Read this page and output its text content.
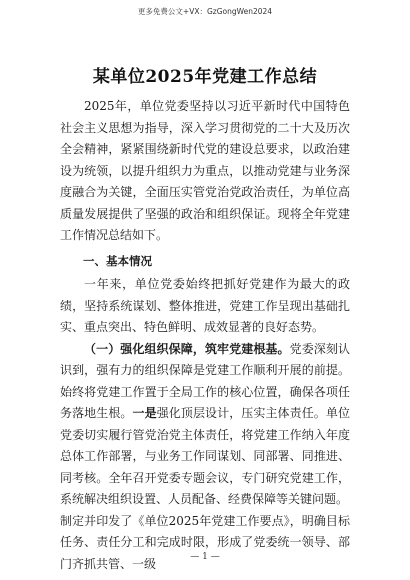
更多免费公文+VX：GzGongWen2024
某单位2025年党建工作总结

2025年，单位党委坚持以习近平新时代中国特色社会主义思想为指导，深入学习贯彻党的二十大及历次全会精神，紧紧围绕新时代党的建设总要求，以政治建设为统领，以提升组织力为重点，以推动党建与业务深度融合为关键，全面压实管党治党政治责任，为单位高质量发展提供了坚强的政治和组织保证。现将全年党建工作情况总结如下。

一、基本情况

一年来，单位党委始终把抓好党建作为最大的政绩，坚持系统谋划、整体推进，党建工作呈现出基础扎实、重点突出、特色鲜明、成效显著的良好态势。

（一）强化组织保障，筑牢党建根基。党委深刻认识到，强有力的组织保障是党建工作顺利开展的前提。始终将党建工作置于全局工作的核心位置，确保各项任务落地生根。一是强化顶层设计，压实主体责任。单位党委切实履行管党治党主体责任，将党建工作纳入年度总体工作部署，与业务工作同谋划、同部署、同推进、同考核。全年召开党委专题会议，专门研究党建工作，系统解决组织设置、人员配备、经费保障等关键问题。

制定并印发了《单位2025年党建工作要点》，明确目标任务、责任分工和完成时限，形成了党委统一领导、部门齐抓共管、一级	— 1 —
